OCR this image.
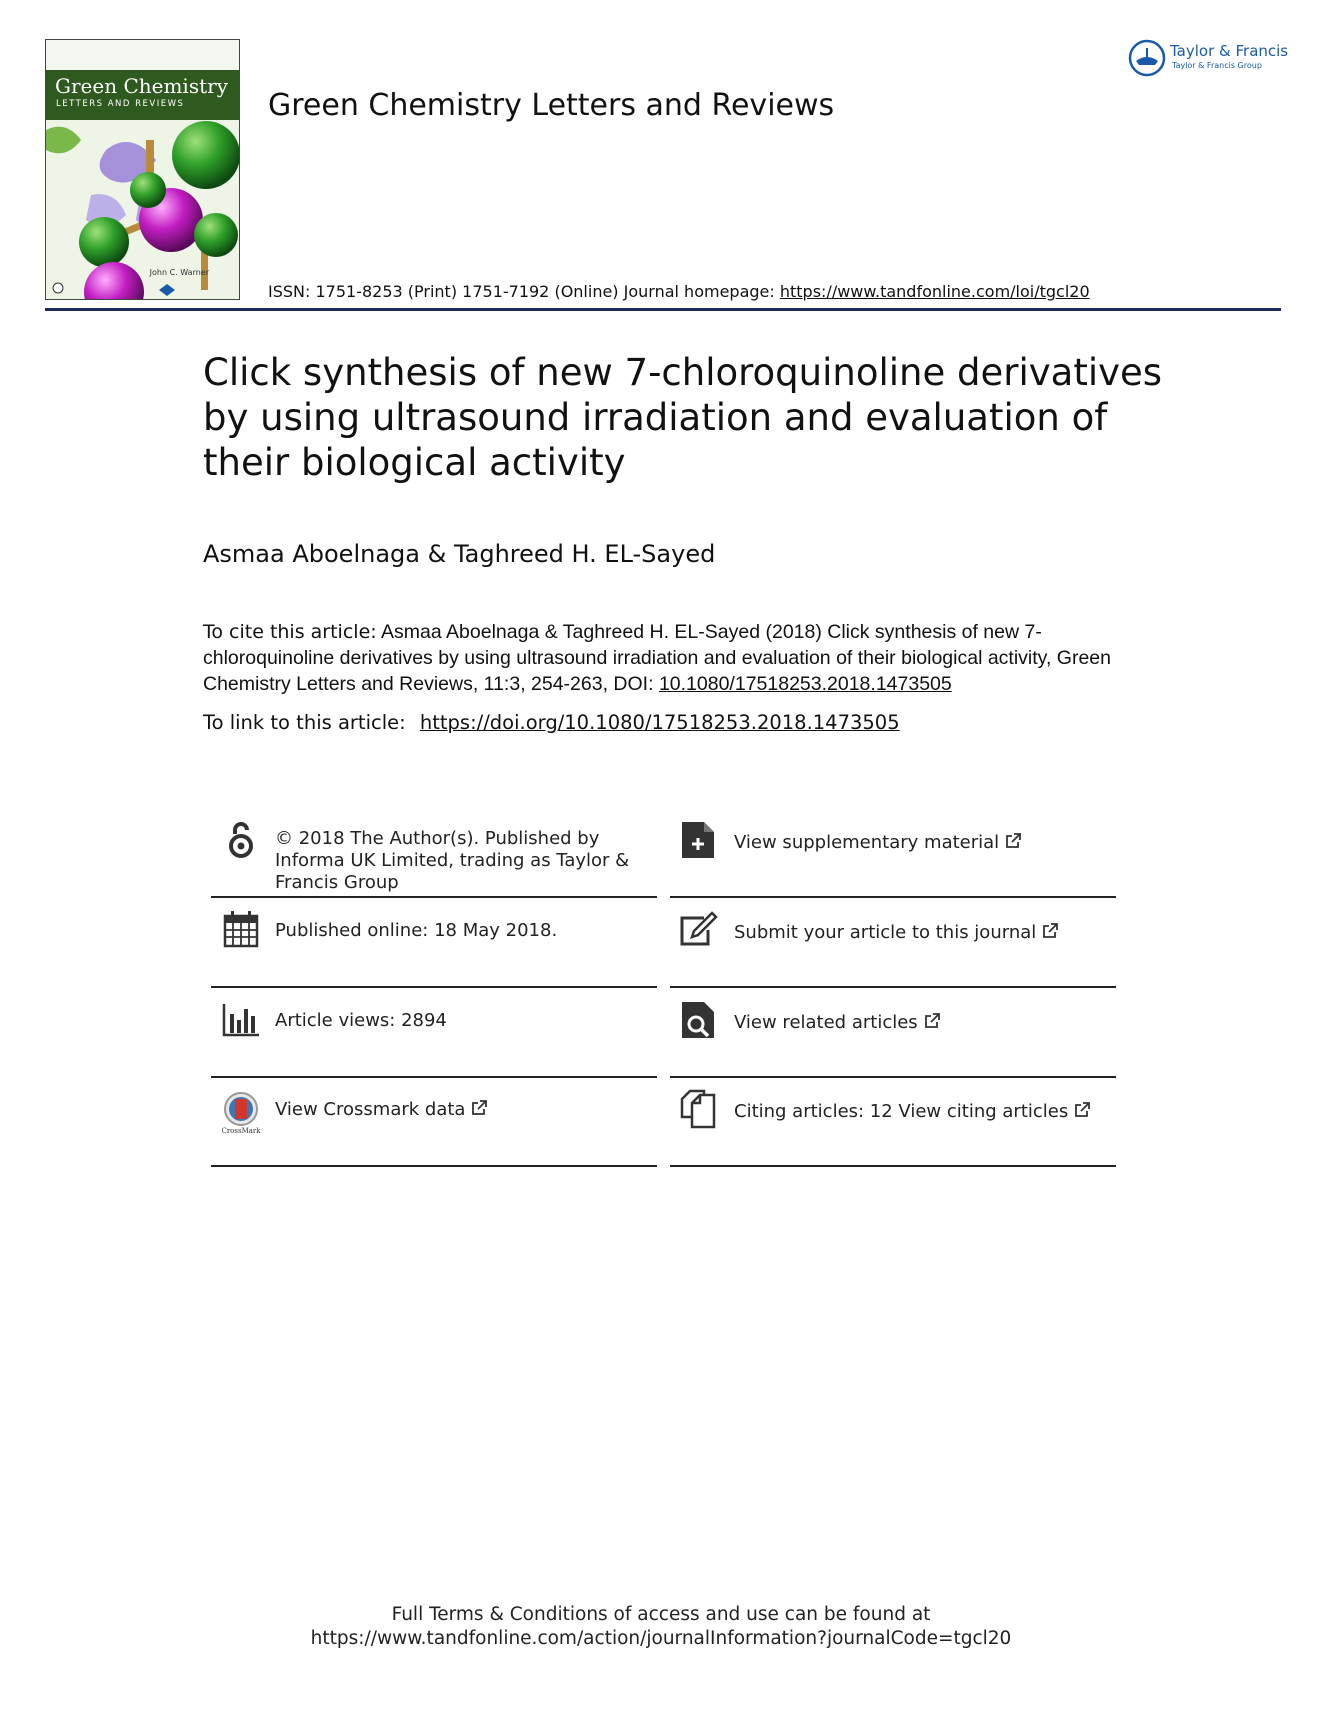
Green Chemistry
LETTERS AND REVIEWS
John C. Warner
Green Chemistry Letters and Reviews
ISSN: 1751-8253 (Print) 1751-7192 (Online) Journal homepage: https://www.tandfonline.com/loi/tgcl20
Taylor & Francis
Taylor & Francis Group
Click synthesis of new 7-chloroquinoline derivatives by using ultrasound irradiation and evaluation of their biological activity
Asmaa Aboelnaga & Taghreed H. EL-Sayed
To cite this article: Asmaa Aboelnaga & Taghreed H. EL-Sayed (2018) Click synthesis of new 7-chloroquinoline derivatives by using ultrasound irradiation and evaluation of their biological activity, Green Chemistry Letters and Reviews, 11:3, 254-263, DOI: 10.1080/17518253.2018.1473505
To link to this article: https://doi.org/10.1080/17518253.2018.1473505
© 2018 The Author(s). Published by Informa UK Limited, trading as Taylor & Francis Group
Published online: 18 May 2018.
Article views: 2894
CrossMark
View Crossmark data
View supplementary material
Submit your article to this journal
View related articles
Citing articles: 12 View citing articles
Full Terms & Conditions of access and use can be found at
https://www.tandfonline.com/action/journalInformation?journalCode=tgcl20
